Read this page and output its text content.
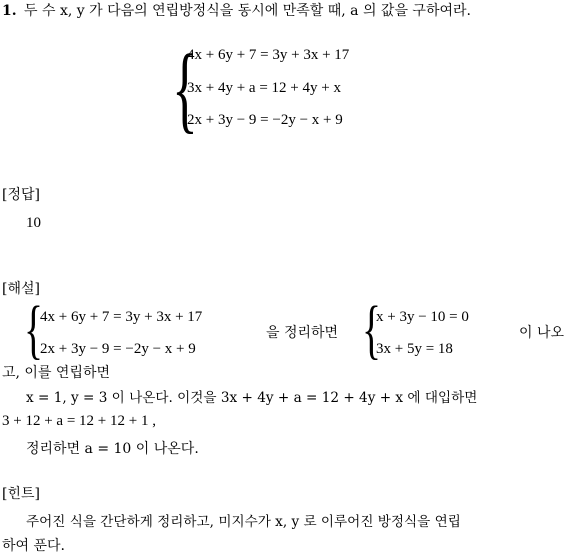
1. 두 수 x, y 가 다음의 연립방정식을 동시에 만족할 때, a 의 값을 구하여라.
{
4x + 6y + 7 = 3y + 3x + 17
3x + 4y + a = 12 + 4y + x
2x + 3y − 9 = −2y − x + 9
[정답]
10
[해설]
{
4x + 6y + 7 = 3y + 3x + 17
2x + 3y − 9 = −2y − x + 9
을 정리하면 {
x + 3y − 10 = 0
3x + 5y = 18
이 나오
고, 이를 연립하면
x = 1, y = 3 이 나온다. 이것을 3x + 4y + a = 12 + 4y + x 에 대입하면
3 + 12 + a = 12 + 12 + 1 ,
정리하면 a = 10 이 나온다.
[힌트]
주어진 식을 간단하게 정리하고, 미지수가 x, y 로 이루어진 방정식을 연립
하여 푼다.
